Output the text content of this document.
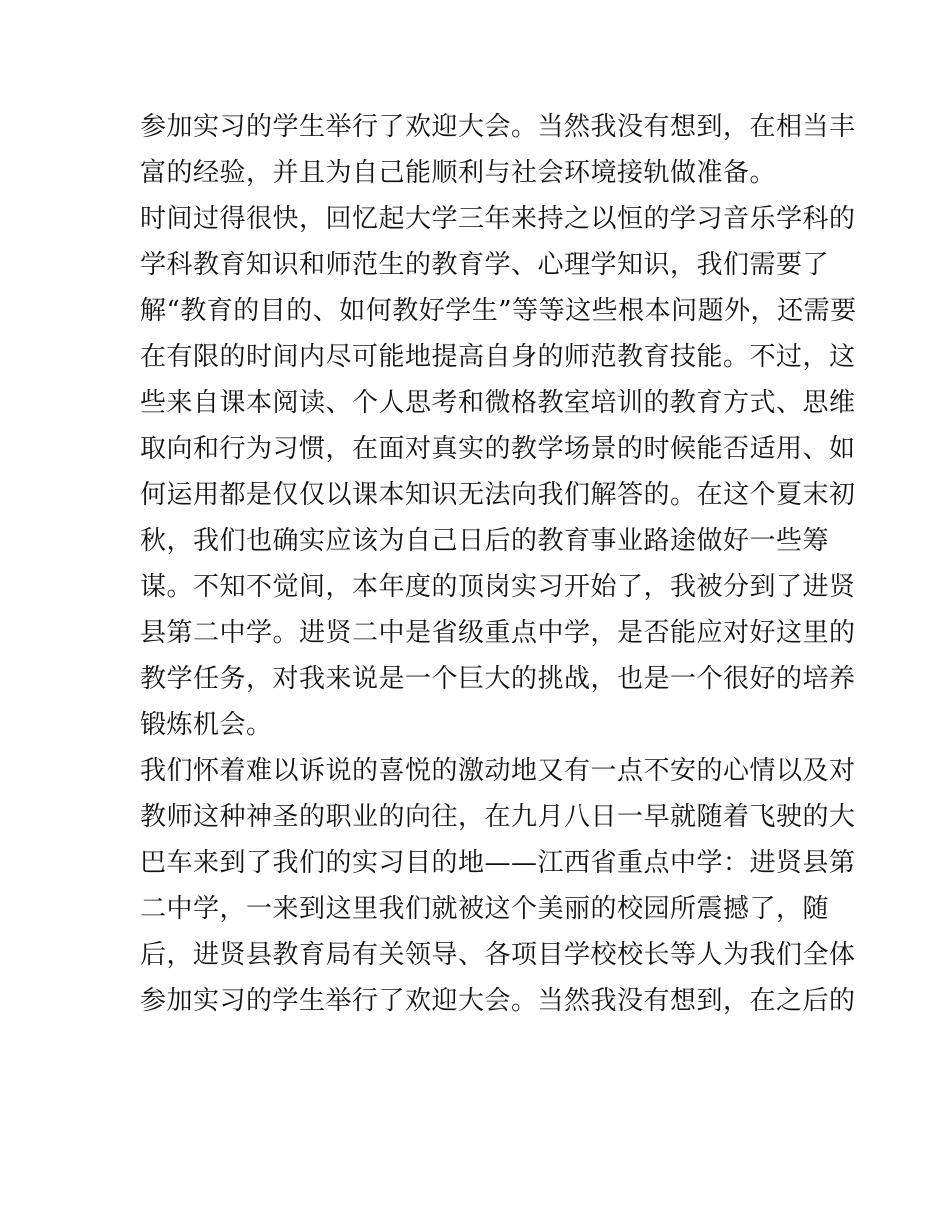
参加实习的学生举行了欢迎大会。当然我没有想到，在相当丰
富的经验，并且为自己能顺利与社会环境接轨做准备。
时间过得很快，回忆起大学三年来持之以恒的学习音乐学科的
学科教育知识和师范生的教育学、心理学知识，我们需要了
解“教育的目的、如何教好学生”等等这些根本问题外，还需要
在有限的时间内尽可能地提高自身的师范教育技能。不过，这
些来自课本阅读、个人思考和微格教室培训的教育方式、思维
取向和行为习惯，在面对真实的教学场景的时候能否适用、如
何运用都是仅仅以课本知识无法向我们解答的。在这个夏末初
秋，我们也确实应该为自己日后的教育事业路途做好一些筹
谋。不知不觉间，本年度的顶岗实习开始了，我被分到了进贤
县第二中学。进贤二中是省级重点中学，是否能应对好这里的
教学任务，对我来说是一个巨大的挑战，也是一个很好的培养
锻炼机会。
我们怀着难以诉说的喜悦的激动地又有一点不安的心情以及对
教师这种神圣的职业的向往，在九月八日一早就随着飞驶的大
巴车来到了我们的实习目的地——江西省重点中学：进贤县第
二中学，一来到这里我们就被这个美丽的校园所震撼了，随
后，进贤县教育局有关领导、各项目学校校长等人为我们全体
参加实习的学生举行了欢迎大会。当然我没有想到，在之后的
